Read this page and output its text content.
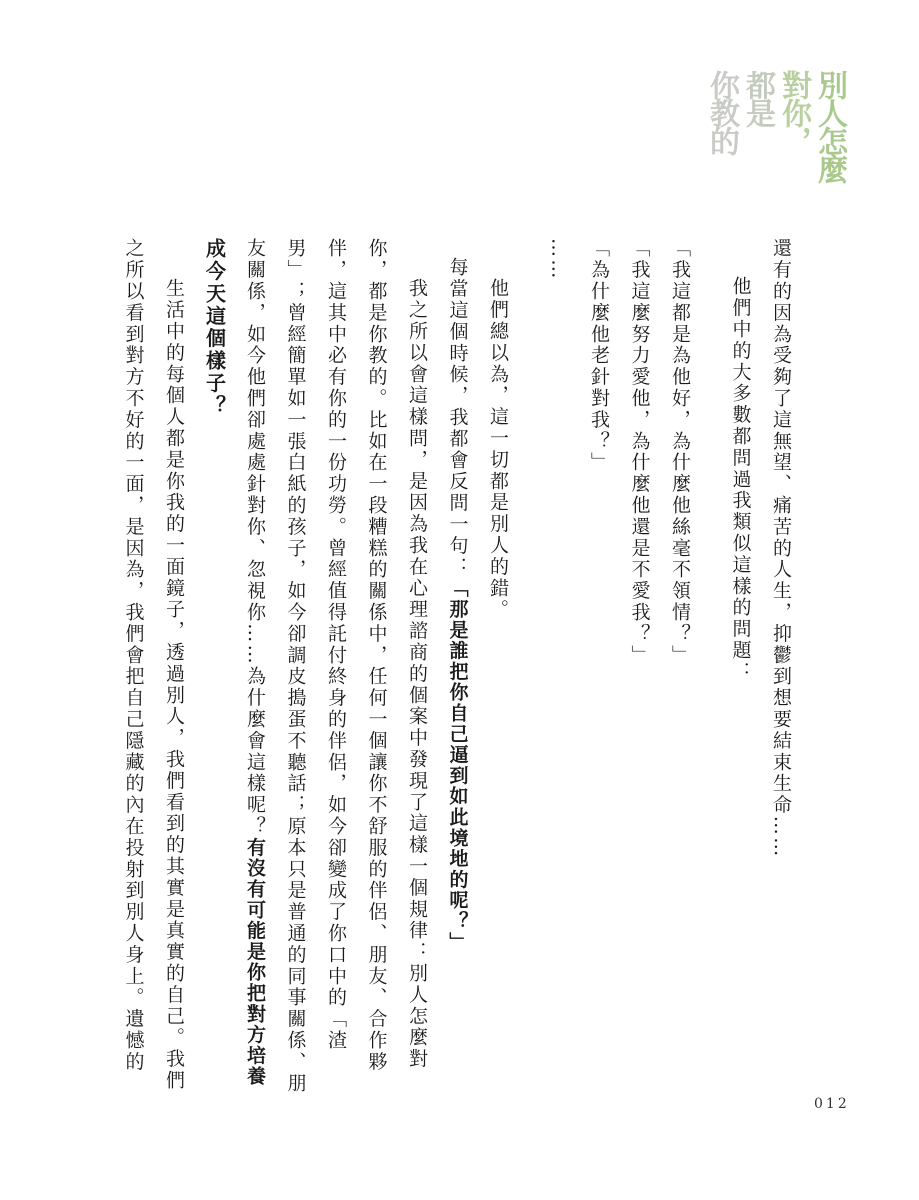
別人怎麼
對你，
都是
你教的
還有的因為受夠了這無望、痛苦的人生，抑鬱到想要結束生命……
他們中的大多數都問過我類似這樣的問題：
「我這都是為他好，為什麼他絲毫不領情？」
「我這麼努力愛他，為什麼他還是不愛我？」
「為什麼他老針對我？」
……
他們總以為，這一切都是別人的錯。
每當這個時候，我都會反問一句：「那是誰把你自己逼到如此境地的呢？」
我之所以會這樣問，是因為我在心理諮商的個案中發現了這樣一個規律：別人怎麼對
你，都是你教的。比如在一段糟糕的關係中，任何一個讓你不舒服的伴侶、朋友、合作夥
伴，這其中必有你的一份功勞。曾經值得託付終身的伴侶，如今卻變成了你口中的「渣
男」；曾經簡單如一張白紙的孩子，如今卻調皮搗蛋不聽話；原本只是普通的同事關係、朋
友關係，如今他們卻處處針對你、忽視你……為什麼會這樣呢？有沒有可能是你把對方培養
成今天這個樣子？
生活中的每個人都是你我的一面鏡子，透過別人，我們看到的其實是真實的自己。我們
之所以看到對方不好的一面，是因為，我們會把自己隱藏的內在投射到別人身上。遺憾的
012
